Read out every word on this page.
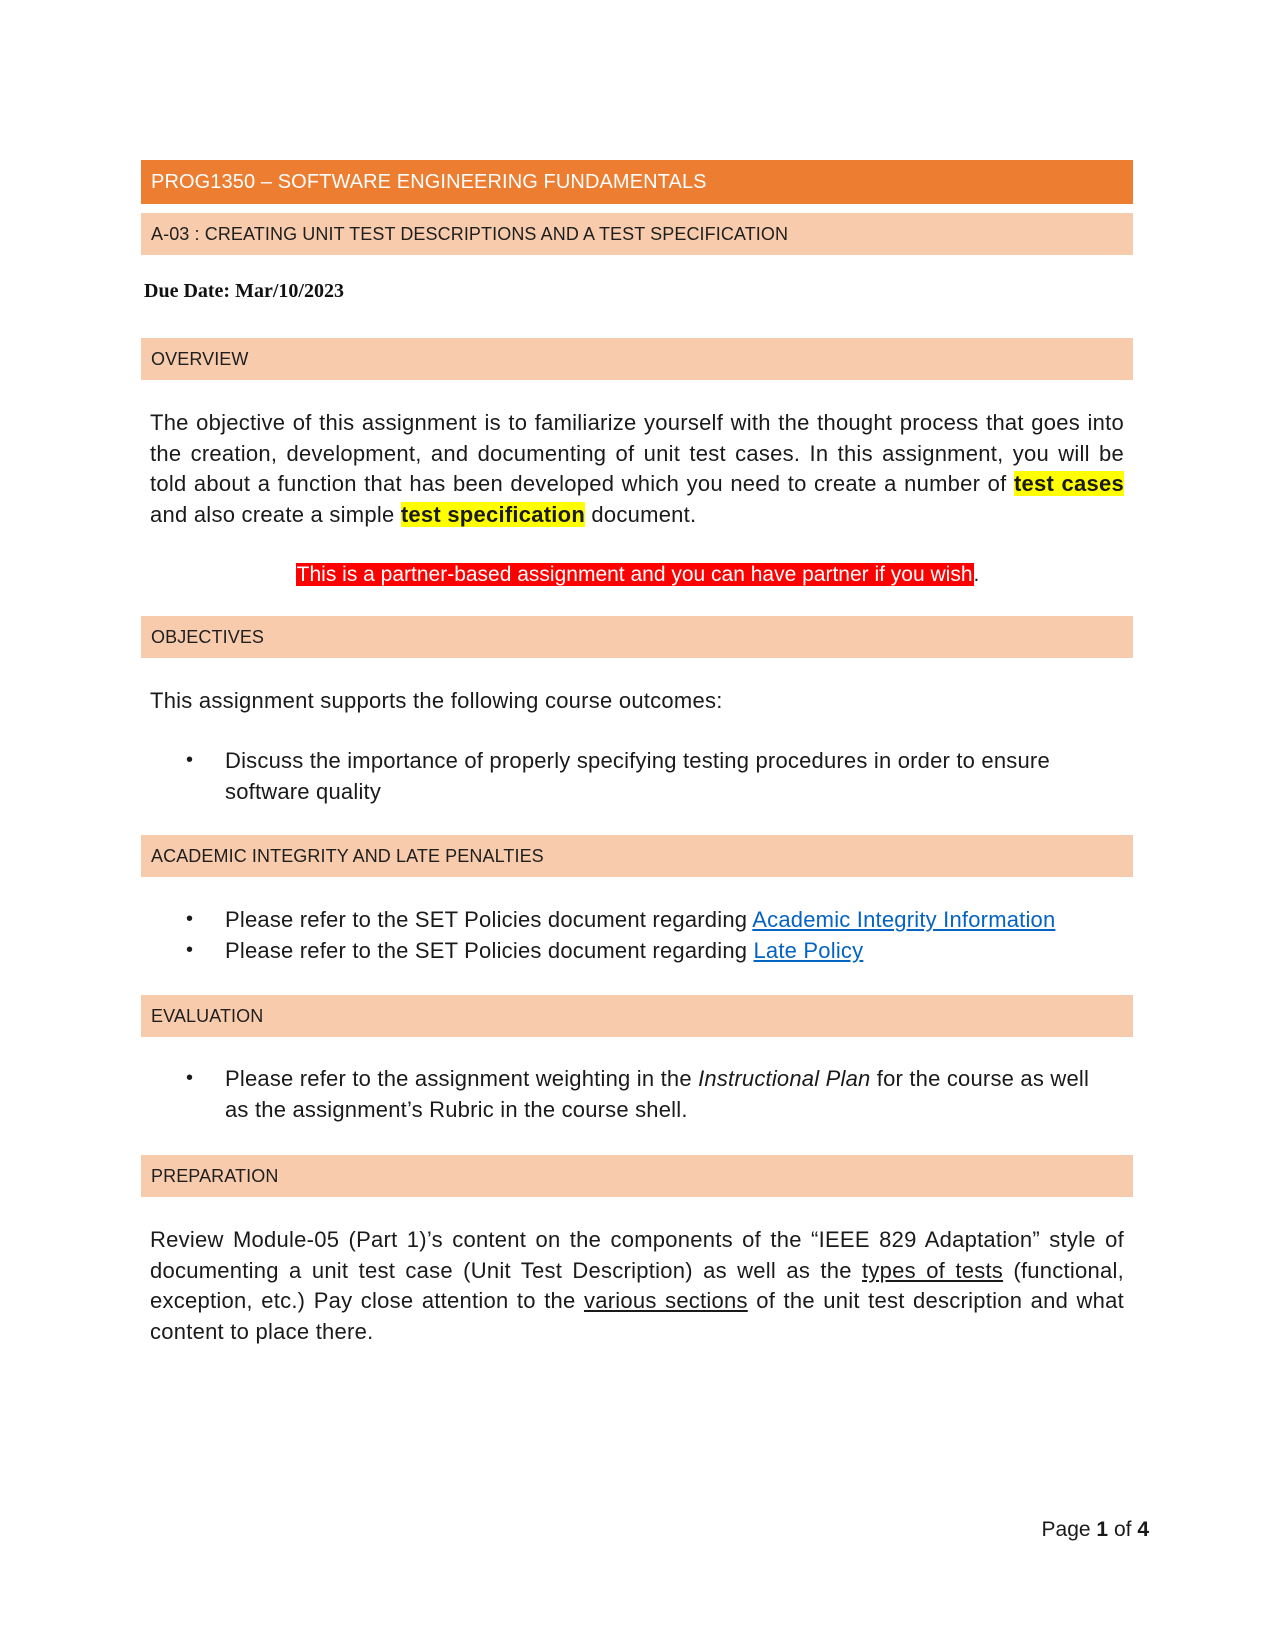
PROG1350 – SOFTWARE ENGINEERING FUNDAMENTALS
A-03 : CREATING UNIT TEST DESCRIPTIONS AND A TEST SPECIFICATION
Due Date: Mar/10/2023
OVERVIEW
The objective of this assignment is to familiarize yourself with the thought process that goes into the creation, development, and documenting of unit test cases. In this assignment, you will be told about a function that has been developed which you need to create a number of test cases and also create a simple test specification document.
This is a partner-based assignment and you can have partner if you wish.
OBJECTIVES
This assignment supports the following course outcomes:
• Discuss the importance of properly specifying testing procedures in order to ensure software quality
ACADEMIC INTEGRITY AND LATE PENALTIES
• Please refer to the SET Policies document regarding Academic Integrity Information
• Please refer to the SET Policies document regarding Late Policy
EVALUATION
• Please refer to the assignment weighting in the Instructional Plan for the course as well as the assignment’s Rubric in the course shell.
PREPARATION
Review Module-05 (Part 1)’s content on the components of the “IEEE 829 Adaptation” style of documenting a unit test case (Unit Test Description) as well as the types of tests (functional, exception, etc.) Pay close attention to the various sections of the unit test description and what content to place there.
Page 1 of 4
